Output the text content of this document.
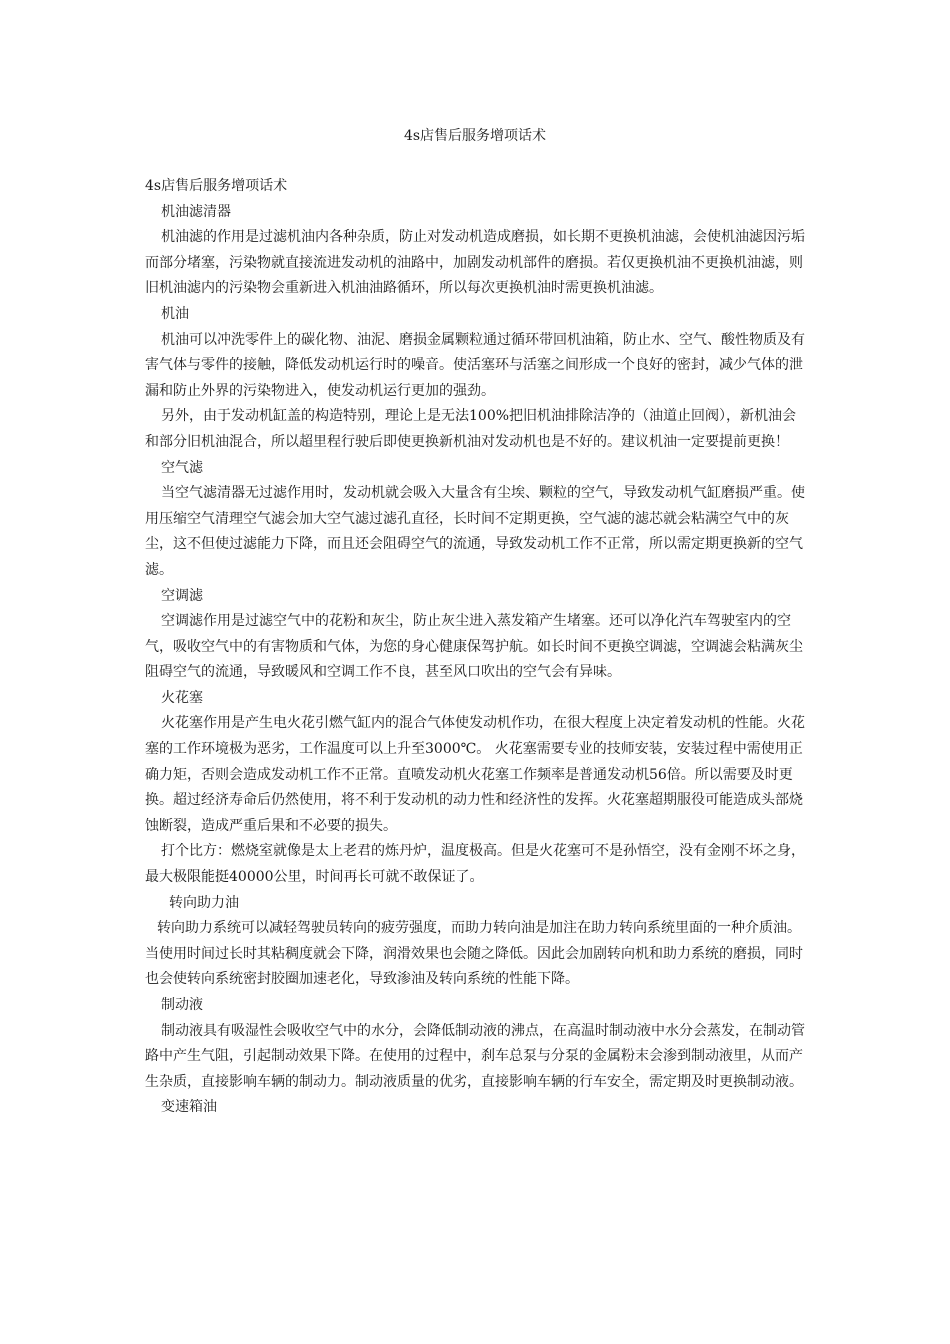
4s店售后服务增项话术

4s店售后服务增项话术

机油滤清器

机油滤的作用是过滤机油内各种杂质，防止对发动机造成磨损，如长期不更换机油滤，会使机油滤因污垢而部分堵塞，污染物就直接流进发动机的油路中，加剧发动机部件的磨损。若仅更换机油不更换机油滤，则旧机油滤内的污染物会重新进入机油油路循环，所以每次更换机油时需更换机油滤。

机油

机油可以冲洗零件上的碳化物、油泥、磨损金属颗粒通过循环带回机油箱，防止水、空气、酸性物质及有害气体与零件的接触，降低发动机运行时的噪音。使活塞环与活塞之间形成一个良好的密封，减少气体的泄漏和防止外界的污染物进入，使发动机运行更加的强劲。

另外，由于发动机缸盖的构造特别，理论上是无法100%把旧机油排除洁净的（油道止回阀），新机油会和部分旧机油混合，所以超里程行驶后即使更换新机油对发动机也是不好的。建议机油一定要提前更换！

空气滤

当空气滤清器无过滤作用时，发动机就会吸入大量含有尘埃、颗粒的空气，导致发动机气缸磨损严重。使用压缩空气清理空气滤会加大空气滤过滤孔直径，长时间不定期更换，空气滤的滤芯就会粘满空气中的灰尘，这不但使过滤能力下降，而且还会阻碍空气的流通，导致发动机工作不正常，所以需定期更换新的空气滤。

空调滤

空调滤作用是过滤空气中的花粉和灰尘，防止灰尘进入蒸发箱产生堵塞。还可以净化汽车驾驶室内的空气，吸收空气中的有害物质和气体，为您的身心健康保驾护航。如长时间不更换空调滤，空调滤会粘满灰尘阻碍空气的流通，导致暖风和空调工作不良，甚至风口吹出的空气会有异味。

火花塞

火花塞作用是产生电火花引燃气缸内的混合气体使发动机作功，在很大程度上决定着发动机的性能。火花塞的工作环境极为恶劣，工作温度可以上升至3000℃。 火花塞需要专业的技师安装，安装过程中需使用正确力矩，否则会造成发动机工作不正常。直喷发动机火花塞工作频率是普通发动机56倍。所以需要及时更换。超过经济寿命后仍然使用，将不利于发动机的动力性和经济性的发挥。火花塞超期服役可能造成头部烧蚀断裂，造成严重后果和不必要的损失。

打个比方：燃烧室就像是太上老君的炼丹炉，温度极高。但是火花塞可不是孙悟空，没有金刚不坏之身，最大极限能挺40000公里，时间再长可就不敢保证了。

转向助力油

转向助力系统可以减轻驾驶员转向的疲劳强度，而助力转向油是加注在助力转向系统里面的一种介质油。当使用时间过长时其粘稠度就会下降，润滑效果也会随之降低。因此会加剧转向机和助力系统的磨损，同时也会使转向系统密封胶圈加速老化，导致渗油及转向系统的性能下降。

制动液

制动液具有吸湿性会吸收空气中的水分，会降低制动液的沸点，在高温时制动液中水分会蒸发，在制动管路中产生气阻，引起制动效果下降。在使用的过程中，刹车总泵与分泵的金属粉末会渗到制动液里，从而产生杂质，直接影响车辆的制动力。制动液质量的优劣，直接影响车辆的行车安全，需定期及时更换制动液。

变速箱油
